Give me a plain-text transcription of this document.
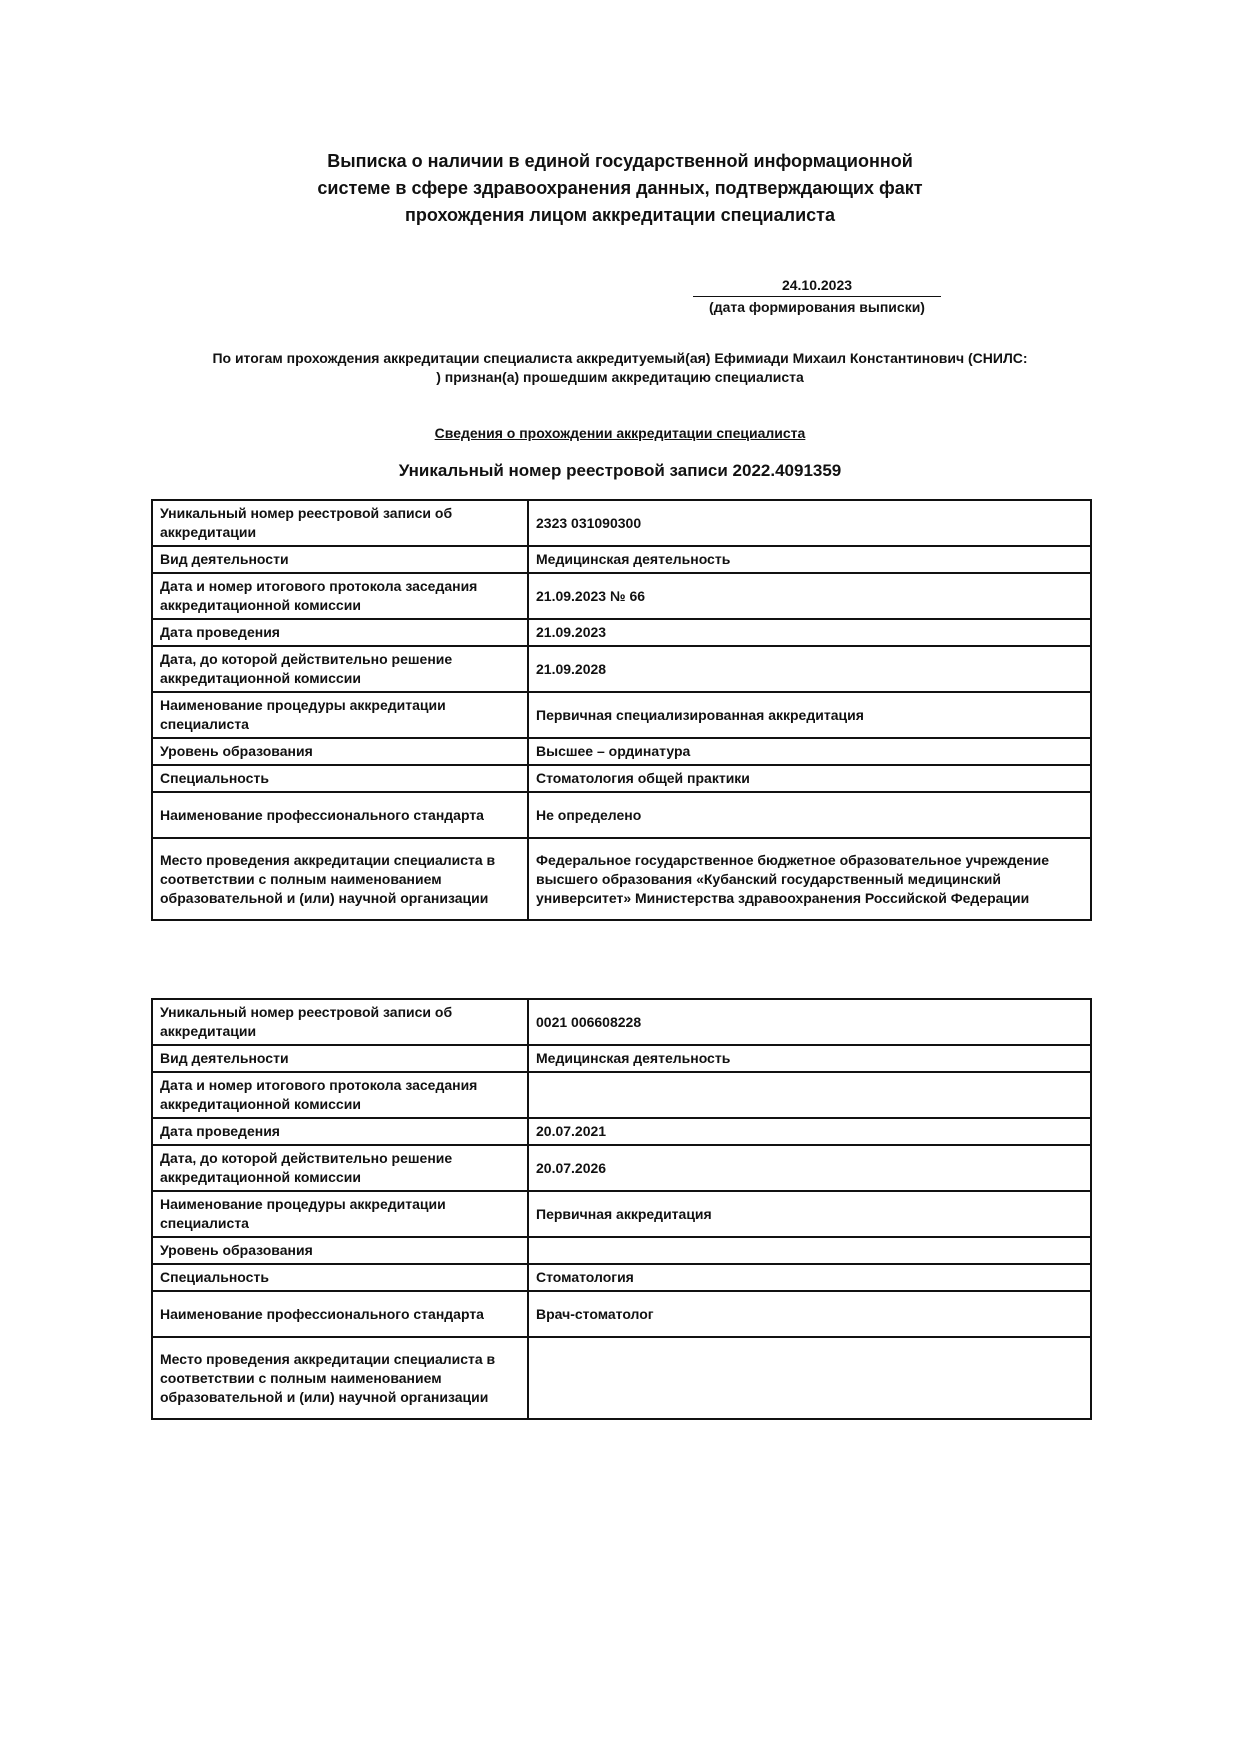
Выписка о наличии в единой государственной информационной
системе в сфере здравоохранения данных, подтверждающих факт
прохождения лицом аккредитации специалиста
24.10.2023
(дата формирования выписки)
По итогам прохождения аккредитации специалиста аккредитуемый(ая) Ефимиади Михаил Константинович (СНИЛС:
) признан(а) прошедшим аккредитацию специалиста
Сведения о прохождении аккредитации специалиста
Уникальный номер реестровой записи 2022.4091359
Уникальный номер реестровой записи об аккредитации	2323 031090300
Вид деятельности	Медицинская деятельность
Дата и номер итогового протокола заседания аккредитационной комиссии	21.09.2023 № 66
Дата проведения	21.09.2023
Дата, до которой действительно решение аккредитационной комиссии	21.09.2028
Наименование процедуры аккредитации специалиста	Первичная специализированная аккредитация
Уровень образования	Высшее – ординатура
Специальность	Стоматология общей практики
Наименование профессионального стандарта	Не определено
Место проведения аккредитации специалиста в соответствии с полным наименованием образовательной и (или) научной организации	Федеральное государственное бюджетное образовательное учреждение высшего образования «Кубанский государственный медицинский университет» Министерства здравоохранения Российской Федерации
Уникальный номер реестровой записи об аккредитации	0021 006608228
Вид деятельности	Медицинская деятельность
Дата и номер итогового протокола заседания аккредитационной комиссии	
Дата проведения	20.07.2021
Дата, до которой действительно решение аккредитационной комиссии	20.07.2026
Наименование процедуры аккредитации специалиста	Первичная аккредитация
Уровень образования	
Специальность	Стоматология
Наименование профессионального стандарта	Врач-стоматолог
Место проведения аккредитации специалиста в соответствии с полным наименованием образовательной и (или) научной организации	
